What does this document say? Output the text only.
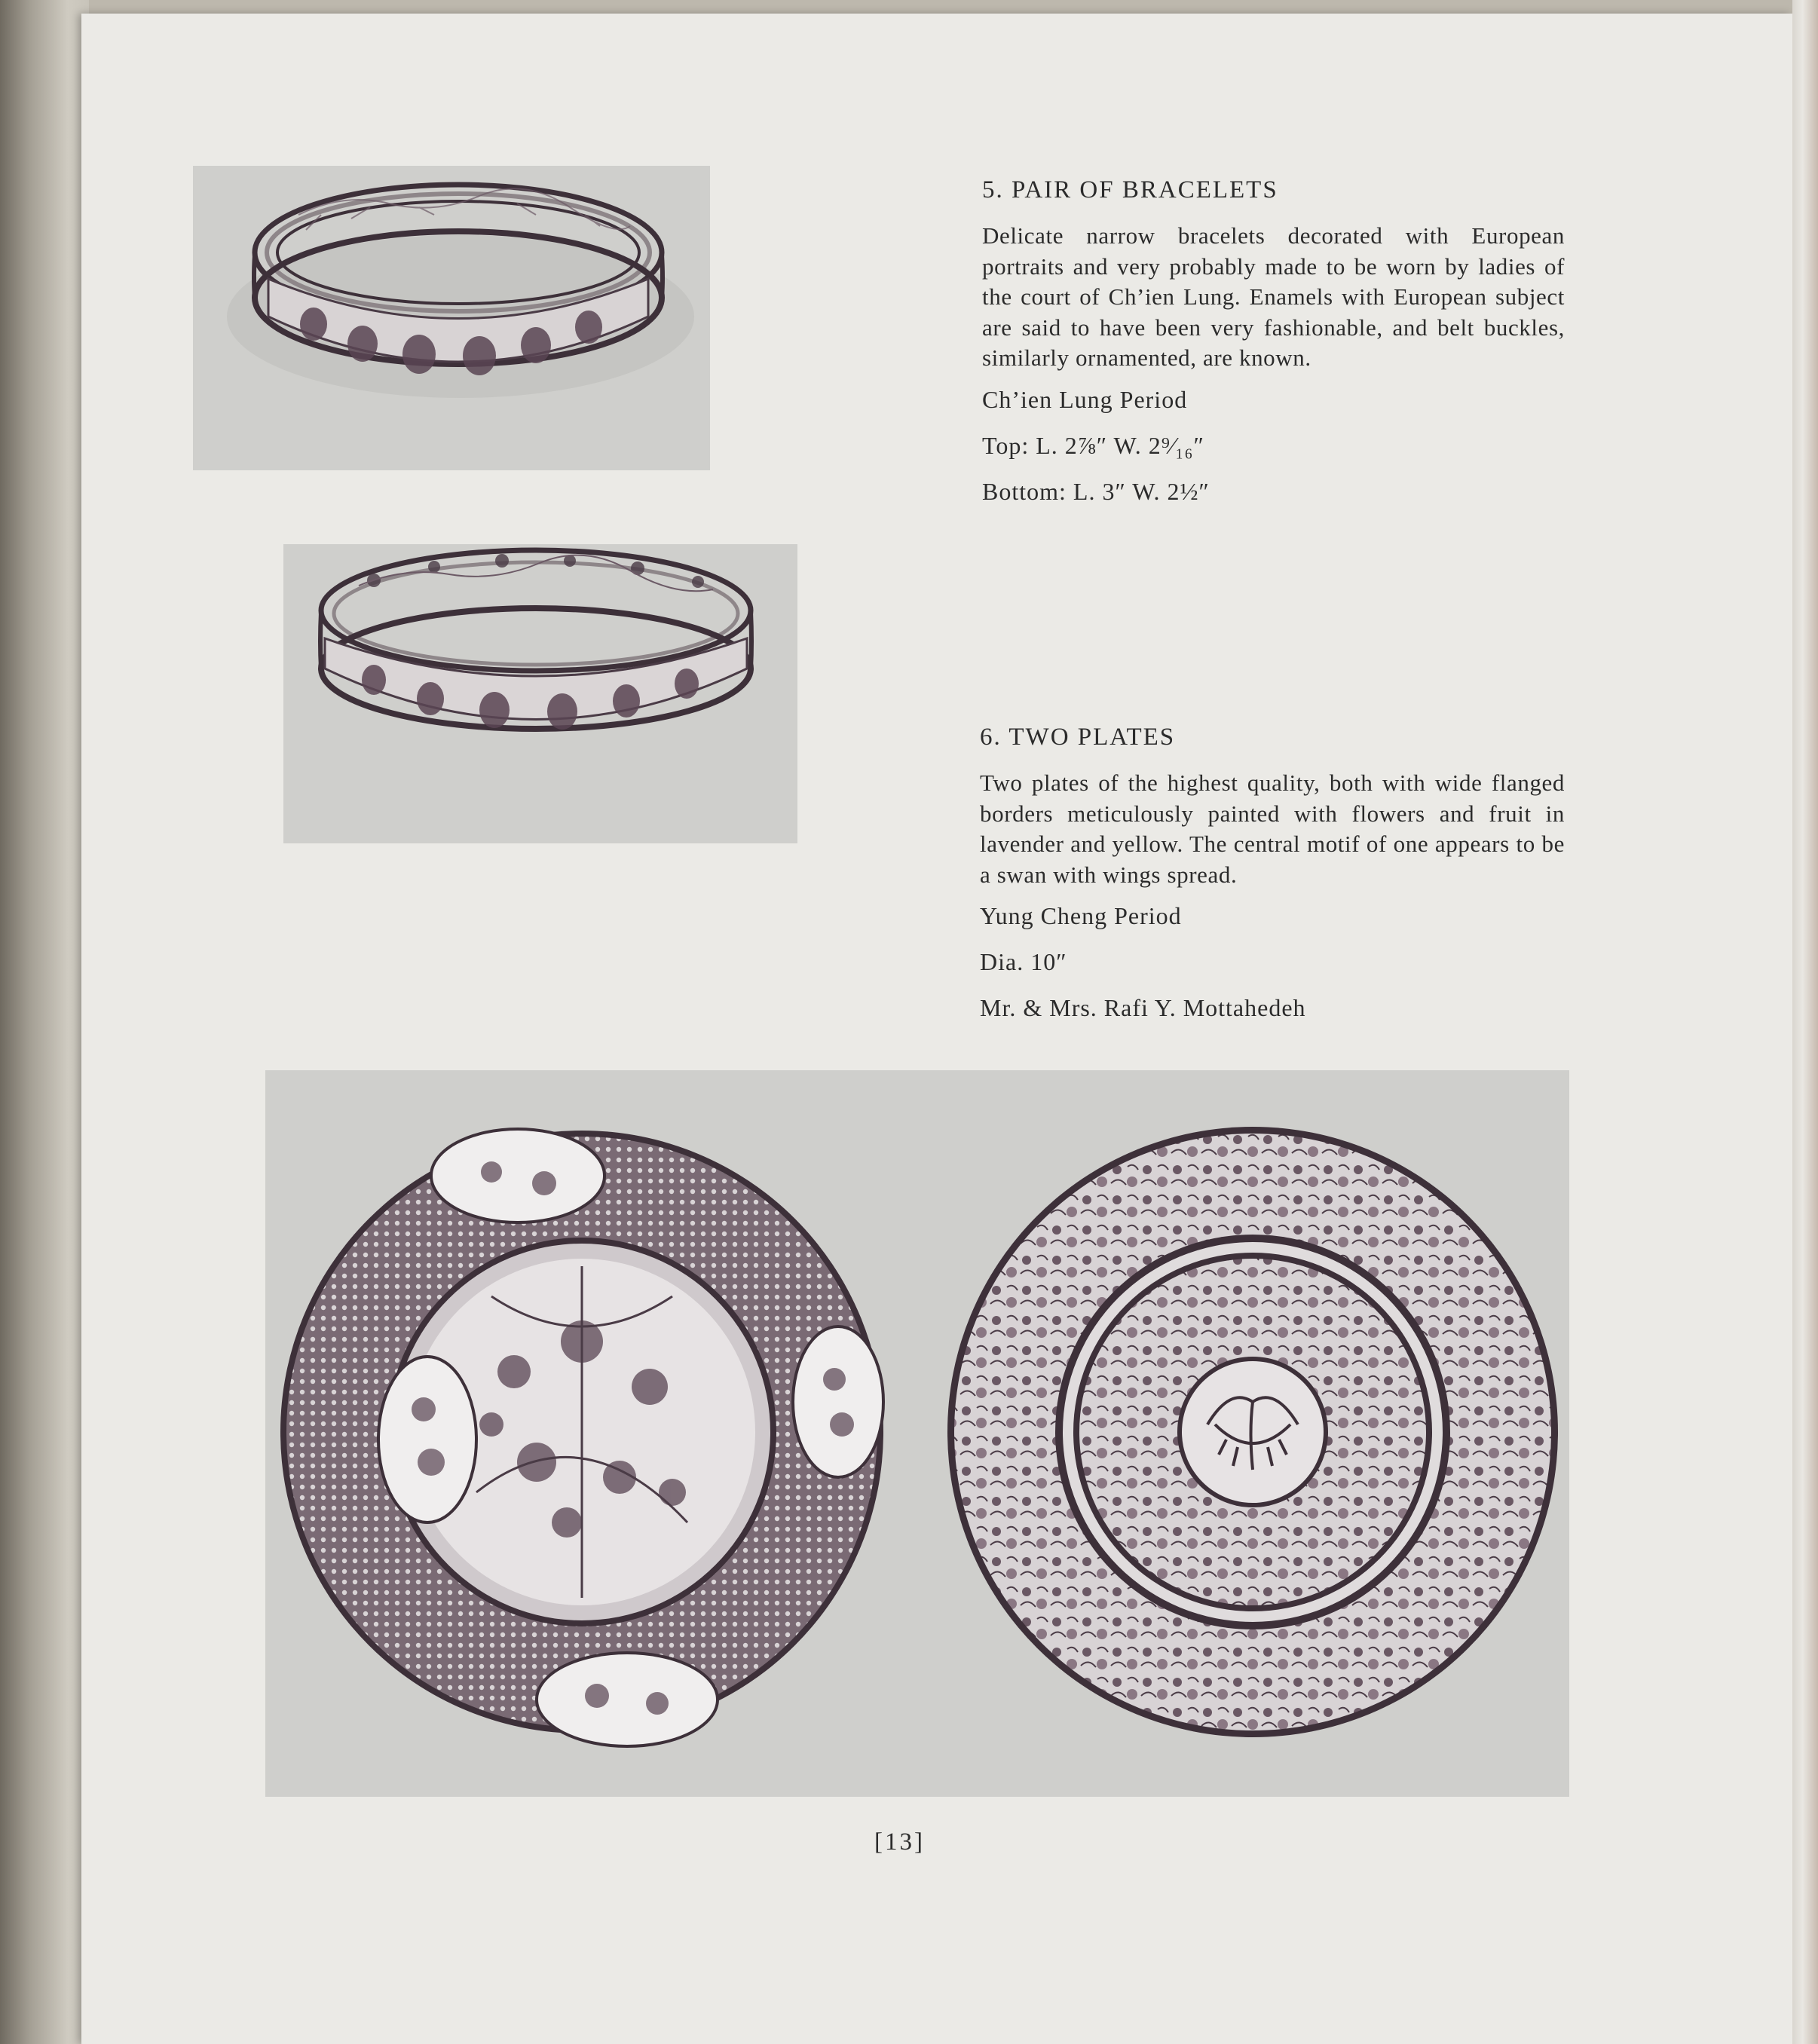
5. PAIR OF BRACELETS
Delicate narrow bracelets decorated with European portraits and very probably made to be worn by ladies of the court of Ch’ien Lung. Enamels with European subject are said to have been very fashionable, and belt buckles, similarly ornamented, are known.
Ch’ien Lung Period
Top: L. 2⅞″ W. 2⁹⁄₁₆″
Bottom: L. 3″ W. 2½″
6. TWO PLATES
Two plates of the highest quality, both with wide flanged borders meticulously painted with flowers and fruit in lavender and yellow. The central motif of one appears to be a swan with wings spread.
Yung Cheng Period
Dia. 10″
Mr. & Mrs. Rafi Y. Mottahedeh
[13]
